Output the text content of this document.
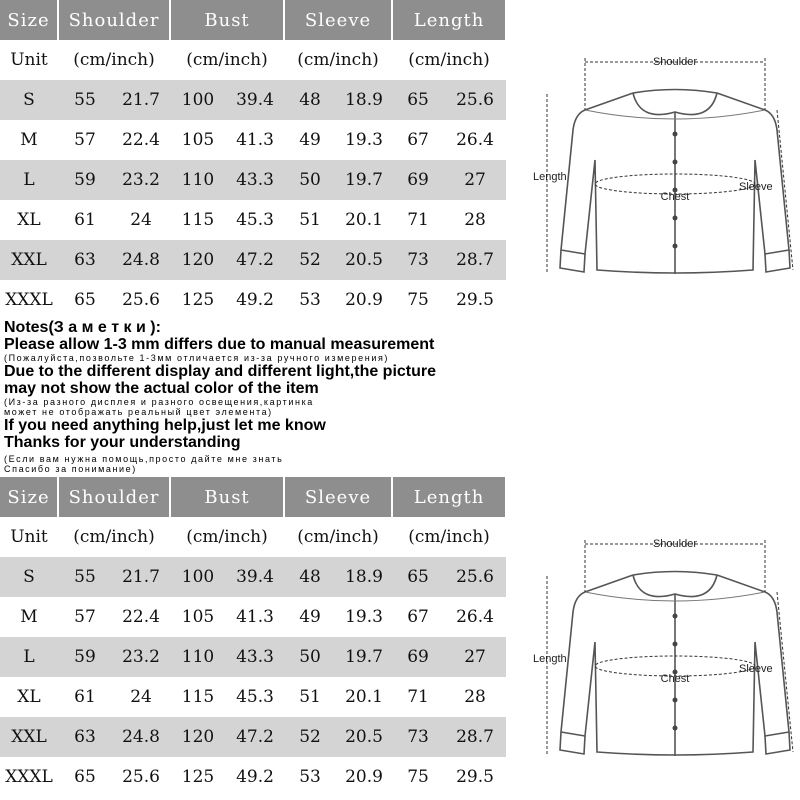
Size	Shoulder		Bust		Sleeve		Length	
Unit	(cm/inch)		(cm/inch)		(cm/inch)		(cm/inch)	
S	55	21.7	100	39.4	48	18.9	65	25.6
M	57	22.4	105	41.3	49	19.3	67	26.4
L	59	23.2	110	43.3	50	19.7	69	27
XL	61	24	115	45.3	51	20.1	71	28
XXL	63	24.8	120	47.2	52	20.5	73	28.7
XXXL	65	25.6	125	49.2	53	20.9	75	29.5
Shoulder
Chest
Length
Sleeve
Notes(З а м е т к и ):
Please allow 1-3 mm differs due to manual measurement
(Пожалуйста,позвольте 1-3мм отличается из-за ручного измерения)
Due to the different display and different light,the picture
may not show the actual color of the item
(Из-за разного дисплея и разного освещения,картинка
может не отображать реальный цвет элемента)
If you need anything help,just let me know
Thanks for your understanding
(Если вам нужна помощь,просто дайте мне знать
Спасибо за понимание)
Size	Shoulder		Bust		Sleeve		Length	
Unit	(cm/inch)		(cm/inch)		(cm/inch)		(cm/inch)	
S	55	21.7	100	39.4	48	18.9	65	25.6
M	57	22.4	105	41.3	49	19.3	67	26.4
L	59	23.2	110	43.3	50	19.7	69	27
XL	61	24	115	45.3	51	20.1	71	28
XXL	63	24.8	120	47.2	52	20.5	73	28.7
XXXL	65	25.6	125	49.2	53	20.9	75	29.5
Shoulder
Chest
Length
Sleeve
